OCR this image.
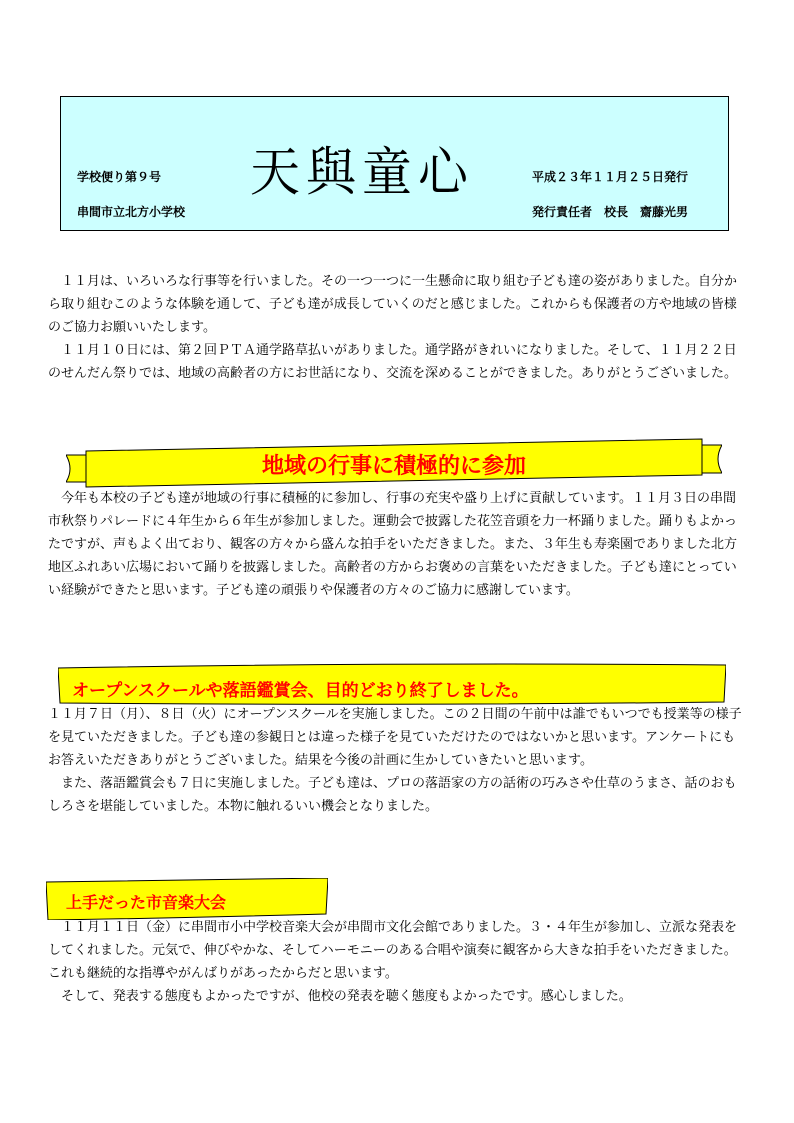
学校便り第９号
串間市立北方小学校
天與童心	平成２３年１１月２５日発行
発行責任者　校長　齋藤光男

　１１月は、いろいろな行事等を行いました。その一つ一つに一生懸命に取り組む子ども達の姿がありました。自分から取り組むこのような体験を通して、子ども達が成長していくのだと感じました。これからも保護者の方や地域の皆様のご協力お願いいたします。

　１１月１０日には、第２回ＰＴＡ通学路草払いがありました。通学路がきれいになりました。そして、１１月２２日のせんだん祭りでは、地域の高齢者の方にお世話になり、交流を深めることができました。ありがとうございました。

地域の行事に積極的に参加

　今年も本校の子ども達が地域の行事に積極的に参加し、行事の充実や盛り上げに貢献しています。１１月３日の串間市秋祭りパレードに４年生から６年生が参加しました。運動会で披露した花笠音頭を力一杯踊りました。踊りもよかったですが、声もよく出ており、観客の方々から盛んな拍手をいただきました。また、３年生も寿楽園でありました北方地区ふれあい広場において踊りを披露しました。高齢者の方からお褒めの言葉をいただきました。子ども達にとっていい経験ができたと思います。子ども達の頑張りや保護者の方々のご協力に感謝しています。

オープンスクールや落語鑑賞会、目的どおり終了しました。

１１月７日（月）、８日（火）にオープンスクールを実施しました。この２日間の午前中は誰でもいつでも授業等の様子を見ていただきました。子ども達の参観日とは違った様子を見ていただけたのではないかと思います。アンケートにもお答えいただきありがとうございました。結果を今後の計画に生かしていきたいと思います。

　また、落語鑑賞会も７日に実施しました。子ども達は、プロの落語家の方の話術の巧みさや仕草のうまさ、話のおもしろさを堪能していました。本物に触れるいい機会となりました。

上手だった市音楽大会

　１１月１１日（金）に串間市小中学校音楽大会が串間市文化会館でありました。３・４年生が参加し、立派な発表をしてくれました。元気で、伸びやかな、そしてハーモニーのある合唱や演奏に観客から大きな拍手をいただきました。これも継続的な指導やがんばりがあったからだと思います。

　そして、発表する態度もよかったですが、他校の発表を聴く態度もよかったです。感心しました。
